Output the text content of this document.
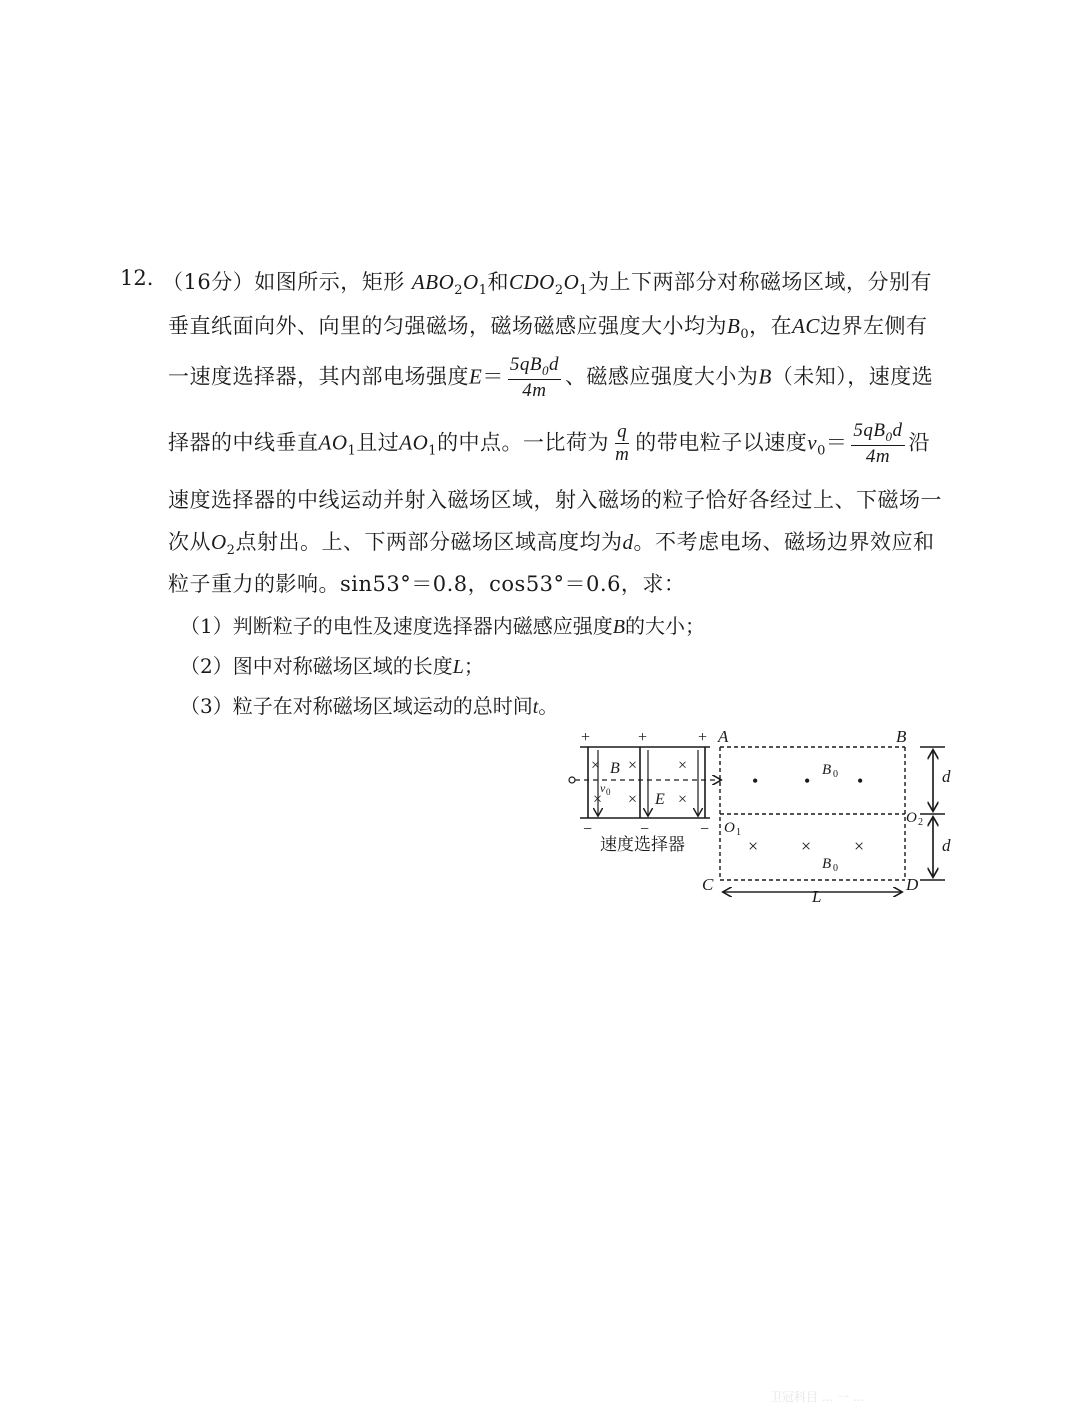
12. （16分）如图所示，矩形 $ABO_2O_1$和$CDO_2O_1$为上下两部分对称磁场区域，分别有
垂直纸面向外、向里的匀强磁场，磁场磁感应强度大小均为$B_0$，在AC边界左侧有
一速度选择器，其内部电场强度$E= \frac{5qB_0d}{4m}$ 、磁感应强度大小为B（未知），速度选
择器的中线垂直$AO_1$且过$AO_1$的中点。一比荷为 $\frac{q}{m}$ 的带电粒子以速度$v_0= \frac{5qB_0d}{4m}$ 沿
速度选择器的中线运动并射入磁场区域，射入磁场的粒子恰好各经过上、下磁场一
次从$O_2$点射出。上、下两部分磁场区域高度均为d。不考虑电场、磁场边界效应和
粒子重力的影响。sin53°＝0.8，cos53°＝0.6，求：
（1）判断粒子的电性及速度选择器内磁感应强度B的大小；
（2）图中对称磁场区域的长度L；
（3）粒子在对称磁场区域运动的总时间t。
+	+	+
−	−	−
× ×	×
× ×	×
B
E
v 0
速度选择器
A	B
C	D
O 1
O 2
d
d
L
B 0
B 0
•	•	•
× × ×
卫冠科目 ... 一 ...
